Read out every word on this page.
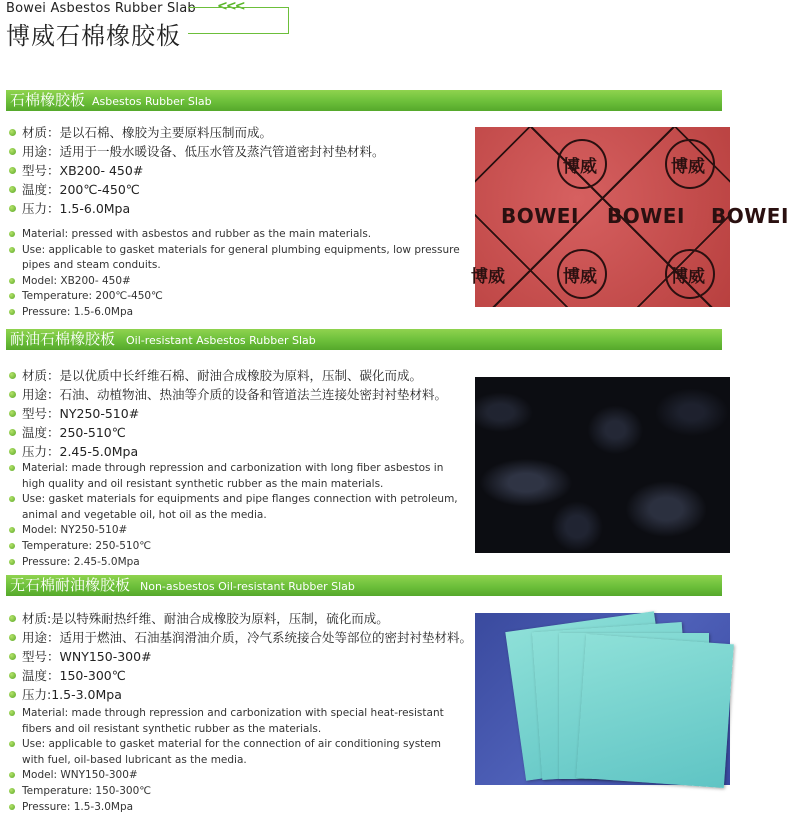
Bowei Asbestos Rubber Slab <<<
博威石棉橡胶板
石棉橡胶板 Asbestos Rubber Slab
材质：是以石棉、橡胶为主要原料压制而成。
用途：适用于一般水暖设备、低压水管及蒸汽管道密封衬垫材料。
型号：XB200- 450#
温度：200℃-450℃
压力：1.5-6.0Mpa
Material: pressed with asbestos and rubber as the main materials.
Use: applicable to gasket materials for general plumbing equipments, low pressure pipes and steam conduits.
Model: XB200- 450#
Temperature: 200℃-450℃
Pressure: 1.5-6.0Mpa
博威	博威
BOWEI BOWEI BOWEI
博威	博威
博威
耐油石棉橡胶板 Oil-resistant Asbestos Rubber Slab
材质：是以优质中长纤维石棉、耐油合成橡胶为原料，压制、碳化而成。
用途：石油、动植物油、热油等介质的设备和管道法兰连接处密封衬垫材料。
型号：NY250-510#
温度：250-510℃
压力：2.45-5.0Mpa
Material: made through repression and carbonization with long fiber asbestos in high quality and oil resistant synthetic rubber as the main materials.
Use: gasket materials for equipments and pipe flanges connection with petroleum, animal and vegetable oil, hot oil as the media.
Model: NY250-510#
Temperature: 250-510℃
Pressure: 2.45-5.0Mpa
无石棉耐油橡胶板 Non-asbestos Oil-resistant Rubber Slab
材质:是以特殊耐热纤维、耐油合成橡胶为原料，压制，硫化而成。
用途：适用于燃油、石油基润滑油介质，冷气系统接合处等部位的密封衬垫材料。
型号：WNY150-300#
温度：150-300℃
压力:1.5-3.0Mpa
Material: made through repression and carbonization with special heat-resistant fibers and oil resistant synthetic rubber as the materials.
Use: applicable to gasket material for the connection of air conditioning system with fuel, oil-based lubricant as the media.
Model: WNY150-300#
Temperature: 150-300℃
Pressure: 1.5-3.0Mpa
